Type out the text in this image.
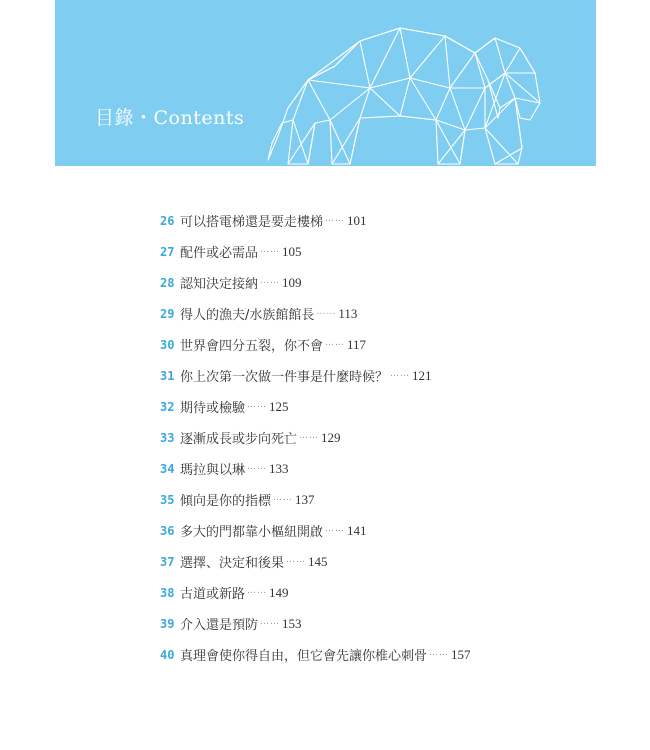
目錄・Contents
26 可以搭電梯還是要走樓梯 …… 101
27 配件或必需品 …… 105
28 認知決定接納 …… 109
29 得人的漁夫/水族館館長 …… 113
30 世界會四分五裂，你不會 …… 117
31 你上次第一次做一件事是什麼時候？ …… 121
32 期待或檢驗 …… 125
33 逐漸成長或步向死亡 …… 129
34 瑪拉與以琳 …… 133
35 傾向是你的指標 …… 137
36 多大的門都靠小樞紐開啟 …… 141
37 選擇、決定和後果 …… 145
38 古道或新路 …… 149
39 介入還是預防 …… 153
40 真理會使你得自由，但它會先讓你椎心刺骨 …… 157
